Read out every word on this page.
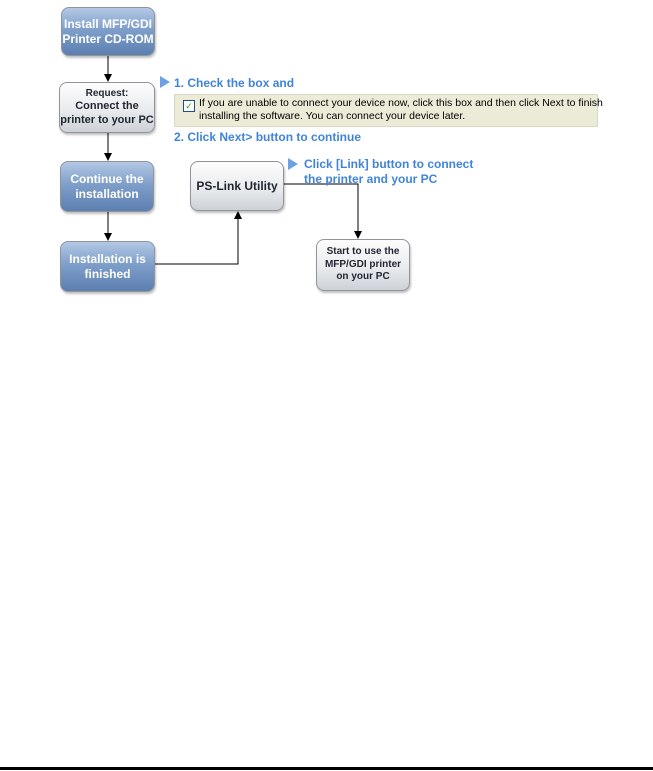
Install MFP/GDI
Printer CD-ROM
Request:
Connect the
printer to your PC
Continue the
installation
Installation is
finished
PS-Link Utility
Start to use the
MFP/GDI printer
on your PC
1. Check the box and
✓ If you are unable to connect your device now, click this box and then click Next to finish
installing the software. You can connect your device later.
2. Click Next> button to continue
Click [Link] button to connect
the printer and your PC
